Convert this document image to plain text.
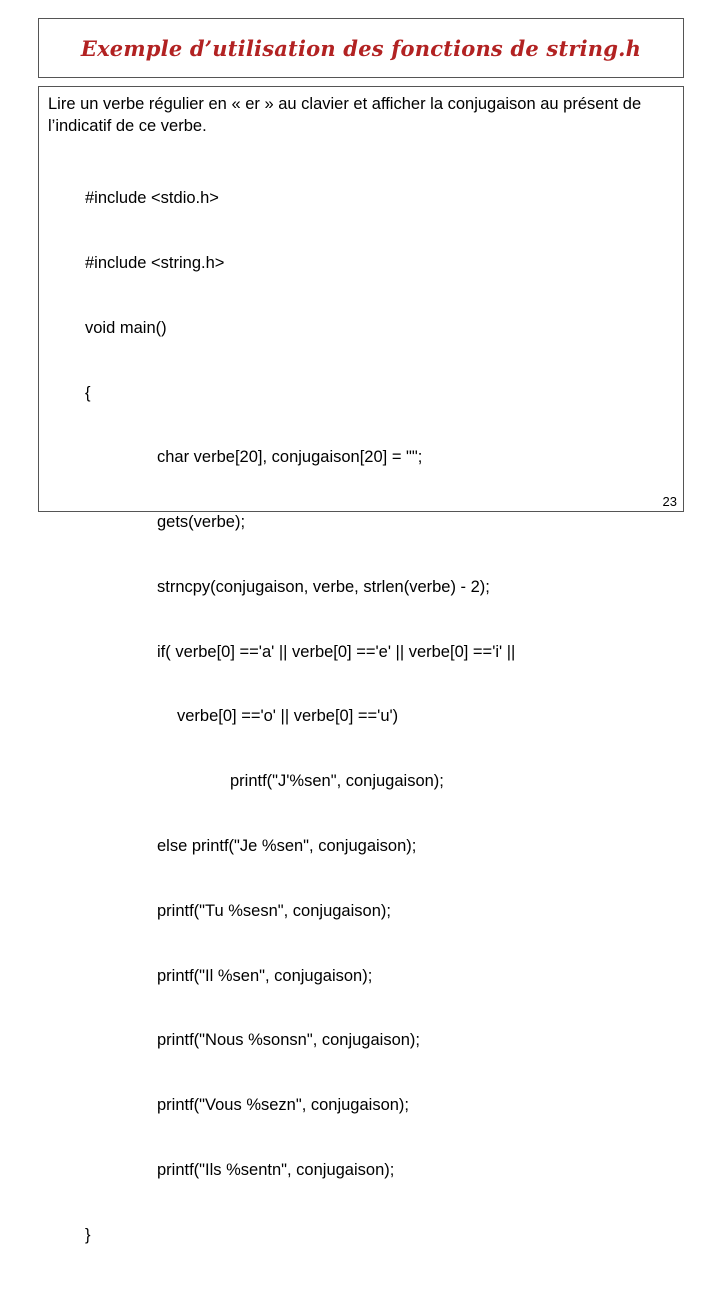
Exemple d’utilisation des fonctions de string.h

Lire un verbe régulier en « er » au clavier et afficher la conjugaison au présent de l’indicatif de ce verbe.

#include <stdio.h>

#include <string.h>

void main()

{

char verbe[20], conjugaison[20] = "";

gets(verbe);

strncpy(conjugaison, verbe, strlen(verbe) - 2);

if( verbe[0] =='a' || verbe[0] =='e' || verbe[0] =='i' ||

verbe[0] =='o' || verbe[0] =='u')

printf("J'%sen", conjugaison);

else printf("Je %sen", conjugaison);

printf("Tu %sesn", conjugaison);

printf("Il %sen", conjugaison);

printf("Nous %sonsn", conjugaison);

printf("Vous %sezn", conjugaison);

printf("Ils %sentn", conjugaison);

}

23
